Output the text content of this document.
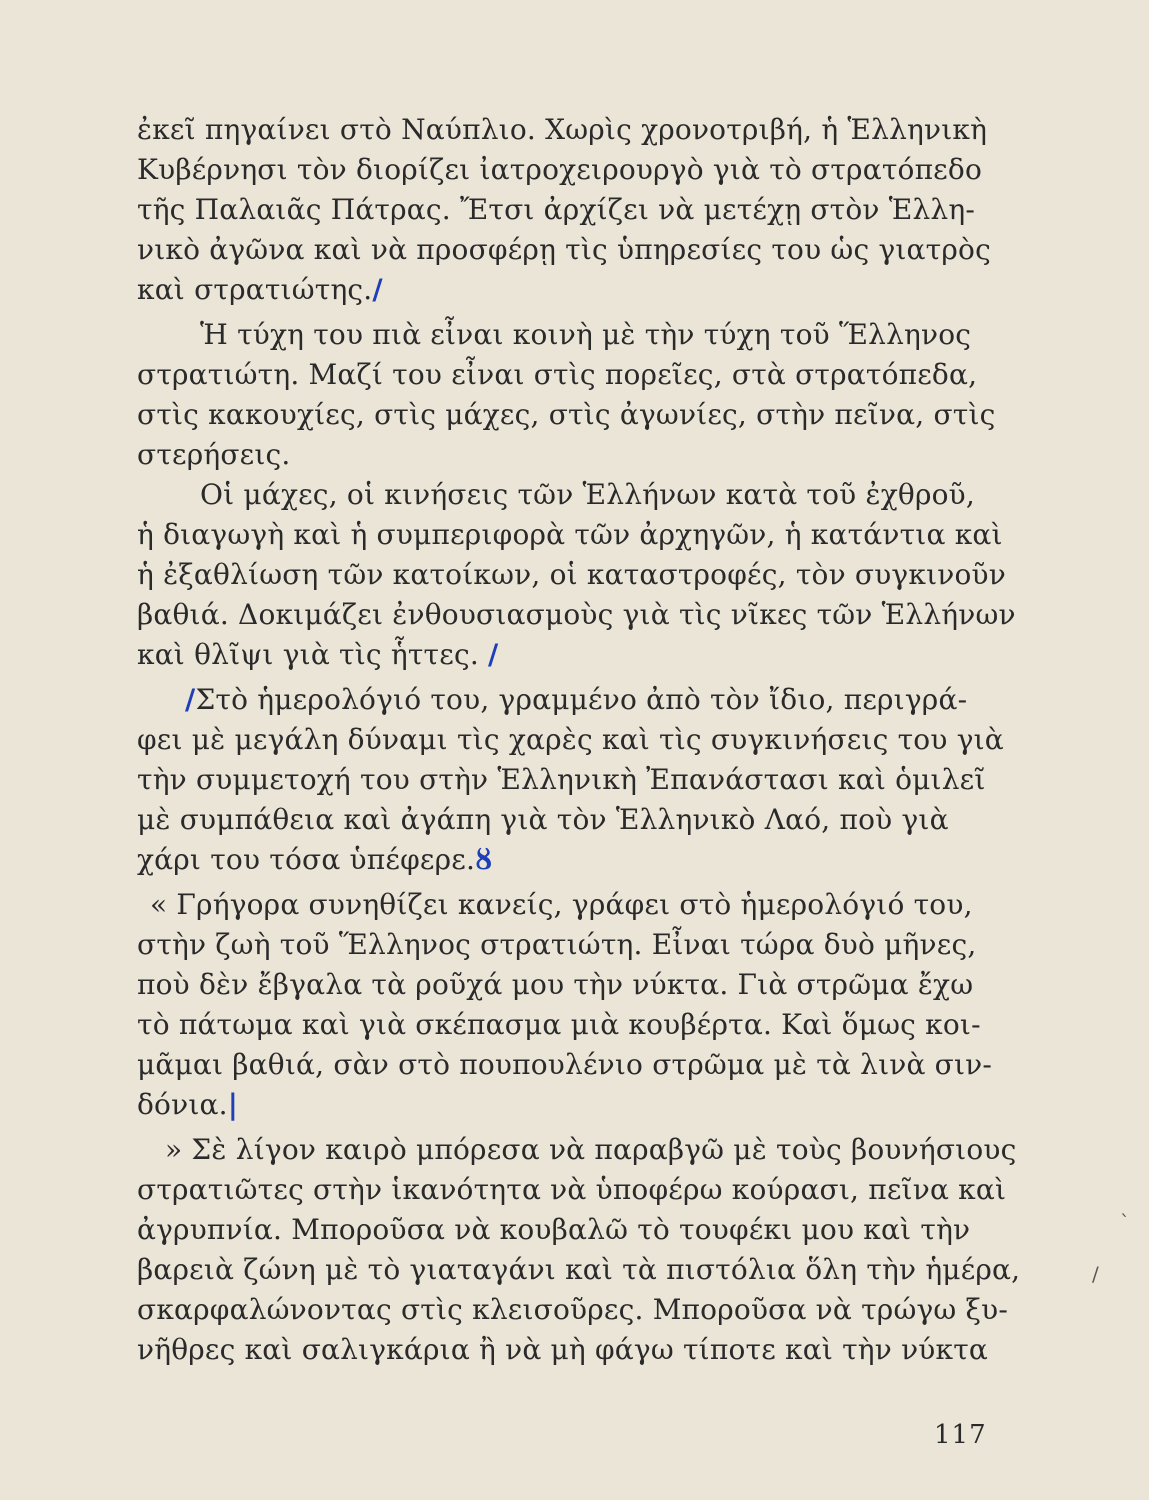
ἐκεῖ πηγαίνει στὸ Ναύπλιο. Χωρὶς χρονοτριβή, ἡ Ἑλληνικὴ
Κυβέρνησι τὸν διορίζει ἰατροχειρουργὸ γιὰ τὸ στρατόπεδο
τῆς Παλαιᾶς Πάτρας. Ἔτσι ἀρχίζει νὰ μετέχῃ στὸν Ἑλλη-
νικὸ ἀγῶνα καὶ νὰ προσφέρῃ τὶς ὑπηρεσίες του ὡς γιατρὸς
καὶ στρατιώτης./
Ἡ τύχη του πιὰ εἶναι κοινὴ μὲ τὴν τύχη τοῦ Ἕλληνος
στρατιώτη. Μαζί του εἶναι στὶς πορεῖες, στὰ στρατόπεδα,
στὶς κακουχίες, στὶς μάχες, στὶς ἀγωνίες, στὴν πεῖνα, στὶς
στερήσεις.
Οἱ μάχες, οἱ κινήσεις τῶν Ἑλλήνων κατὰ τοῦ ἐχθροῦ,
ἡ διαγωγὴ καὶ ἡ συμπεριφορὰ τῶν ἀρχηγῶν, ἡ κατάντια καὶ
ἡ ἐξαθλίωση τῶν κατοίκων, οἱ καταστροφές, τὸν συγκινοῦν
βαθιά. Δοκιμάζει ἐνθουσιασμοὺς γιὰ τὶς νῖκες τῶν Ἑλλήνων
καὶ θλῖψι γιὰ τὶς ἧττες. /
/Στὸ ἡμερολόγιό του, γραμμένο ἀπὸ τὸν ἴδιο, περιγρά-
φει μὲ μεγάλη δύναμι τὶς χαρὲς καὶ τὶς συγκινήσεις του γιὰ
τὴν συμμετοχή του στὴν Ἑλληνικὴ Ἐπανάστασι καὶ ὁμιλεῖ
μὲ συμπάθεια καὶ ἀγάπη γιὰ τὸν Ἑλληνικὸ Λαό, ποὺ γιὰ
χάρι του τόσα ὑπέφερε.ȣ
« Γρήγορα συνηθίζει κανείς, γράφει στὸ ἡμερολόγιό του,
στὴν ζωὴ τοῦ Ἕλληνος στρατιώτη. Εἶναι τώρα δυὸ μῆνες,
ποὺ δὲν ἔβγαλα τὰ ροῦχά μου τὴν νύκτα. Γιὰ στρῶμα ἔχω
τὸ πάτωμα καὶ γιὰ σκέπασμα μιὰ κουβέρτα. Καὶ ὅμως κοι-
μᾶμαι βαθιά, σὰν στὸ πουπουλένιο στρῶμα μὲ τὰ λινὰ σιν-
δόνια.|
» Σὲ λίγον καιρὸ μπόρεσα νὰ παραβγῶ μὲ τοὺς βουνήσιους
στρατιῶτες στὴν ἱκανότητα νὰ ὑποφέρω κούρασι, πεῖνα καὶ
ἀγρυπνία. Μποροῦσα νὰ κουβαλῶ τὸ τουφέκι μου καὶ τὴν
βαρειὰ ζώνη μὲ τὸ γιαταγάνι καὶ τὰ πιστόλια ὅλη τὴν ἡμέρα,
σκαρφαλώνοντας στὶς κλεισοῦρες. Μποροῦσα νὰ τρώγω ξυ-
νῆθρες καὶ σαλιγκάρια ἢ νὰ μὴ φάγω τίποτε καὶ τὴν νύκτα
ˋ
/
117
